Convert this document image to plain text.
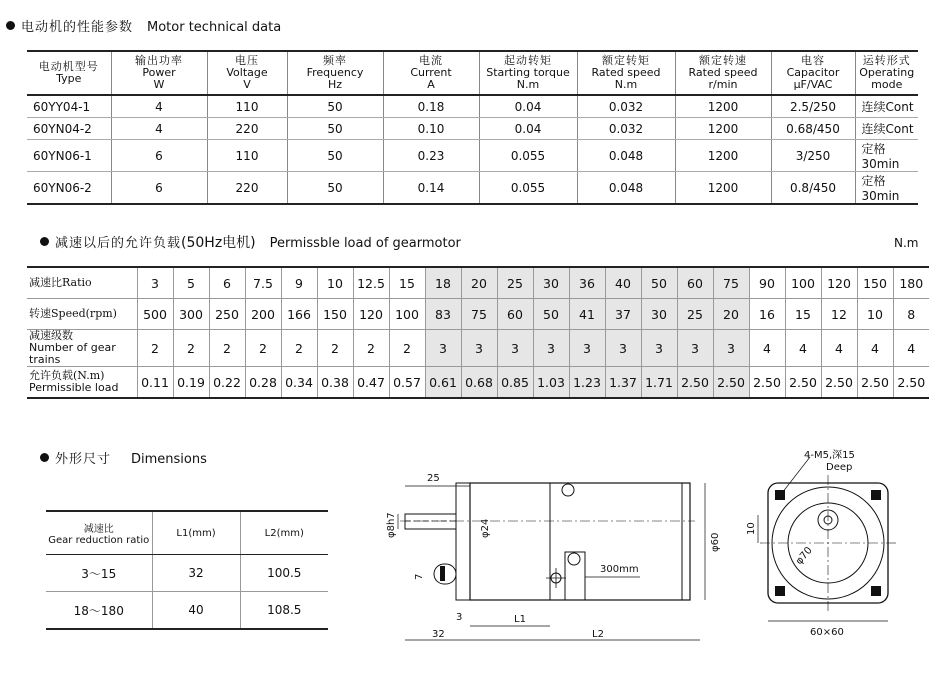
电动机的性能参数 Motor technical data
电动机型号
Type	输出功率
Power
W	电压
Voltage
V	频率
Frequency
Hz	电流
Current
A	起动转矩
Starting torque
N.m	额定转矩
Rated speed
N.m	额定转速
Rated speed
r/min	电容
Capacitor
μF/VAC	运转形式
Operating
mode

60YY04-1	4	110	50	0.18	0.04	0.032	1200	2.5/250	连续Cont
60YN04-2	4	220	50	0.10	0.04	0.032	1200	0.68/450	连续Cont
60YN06-1	6	110	50	0.23	0.055	0.048	1200	3/250	定格30min
60YN06-2	6	220	50	0.14	0.055	0.048	1200	0.8/450	定格30min
减速以后的允许负载(50Hz电机) Permissble load of gearmotor	N.m
减速比Ratio	3	5	6	7.5	9	10	12.5	15	18	20	25	30	36	40	50	60	75	90	100	120	150	180

转速Speed(rpm)	500	300	250	200	166	150	120	100	83	75	60	50	41	37	30	25	20	16	15	12	10	8

减速级数
Number of gear trains	2	2	2	2	2	2	2	2	3	3	3	3	3	3	3	3	3	4	4	4	4	4

允许负载(N.m)
Permissible load	0.11	0.19	0.22	0.28	0.34	0.38	0.47	0.57	0.61	0.68	0.85	1.03	1.23	1.37	1.71	2.50	2.50	2.50	2.50	2.50	2.50	2.50
外形尺寸 Dimensions
减速比
Gear reduction ratio	L1(mm)	L2(mm)

3～15	32	100.5
18～180	40	108.5
25
φ8h7	φ24
φ60
300mm
7
3	L1
32	L2
4-M5,深15
Deep
10
φ70
60×60
